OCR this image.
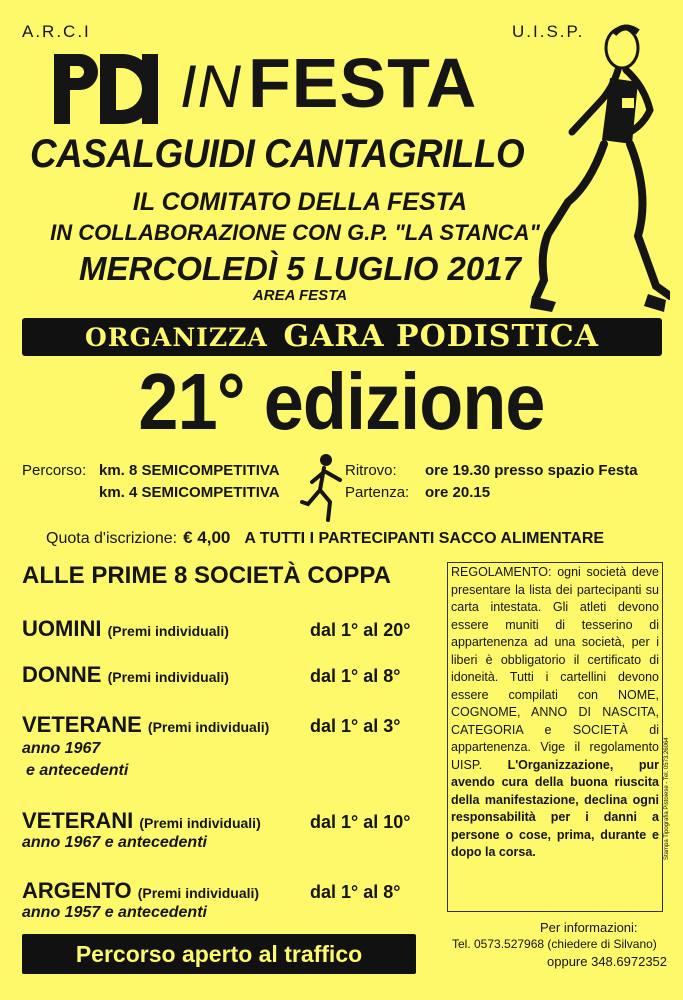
A.R.C.I	U.I.S.P.
INFESTA
CASALGUIDI CANTAGRILLO
IL COMITATO DELLA FESTA
IN COLLABORAZIONE CON G.P. "LA STANCA"
MERCOLEDÌ 5 LUGLIO 2017
AREA FESTA
ORGANIZZA GARA PODISTICA
21° edizione
Percorso: km. 8 SEMICOMPETITIVA
km. 4 SEMICOMPETITIVA
Ritrovo: ore 19.30 presso spazio Festa
Partenza: ore 20.15
Quota d'iscrizione: € 4,00 A TUTTI I PARTECIPANTI SACCO ALIMENTARE
ALLE PRIME 8 SOCIETÀ COPPA
UOMINI (Premi individuali)	dal 1° al 20°
DONNE (Premi individuali)	dal 1° al 8°
VETERANE (Premi individuali) dal 1° al 3°
anno 1967
e antecedenti
VETERANI (Premi individuali)	dal 1° al 10°
anno 1967 e antecedenti
ARGENTO (Premi individuali)	dal 1° al 8°
anno 1957 e antecedenti
REGOLAMENTO: ogni società deve presentare la lista dei partecipanti su carta intestata. Gli atleti devono essere muniti di tesserino di appartenenza ad una società, per i liberi è obbligatorio il certificato di idoneità. Tutti i cartellini devono essere compilati con NOME, COGNOME, ANNO DI NASCITA, CATEGORIA e SOCIETÀ di appartenenza. Vige il regolamento UISP. L'Organizzazione, pur avendo cura della buona riuscita della manifestazione, declina ogni responsabilità per i danni a persone o cose, prima, durante e dopo la corsa.
Per informazioni:
Tel. 0573.527968 (chiedere di Silvano)
oppure 348.6972352
Percorso aperto al traffico
Stampa Tipografia Pistoiese - Tel. 0573.26064
